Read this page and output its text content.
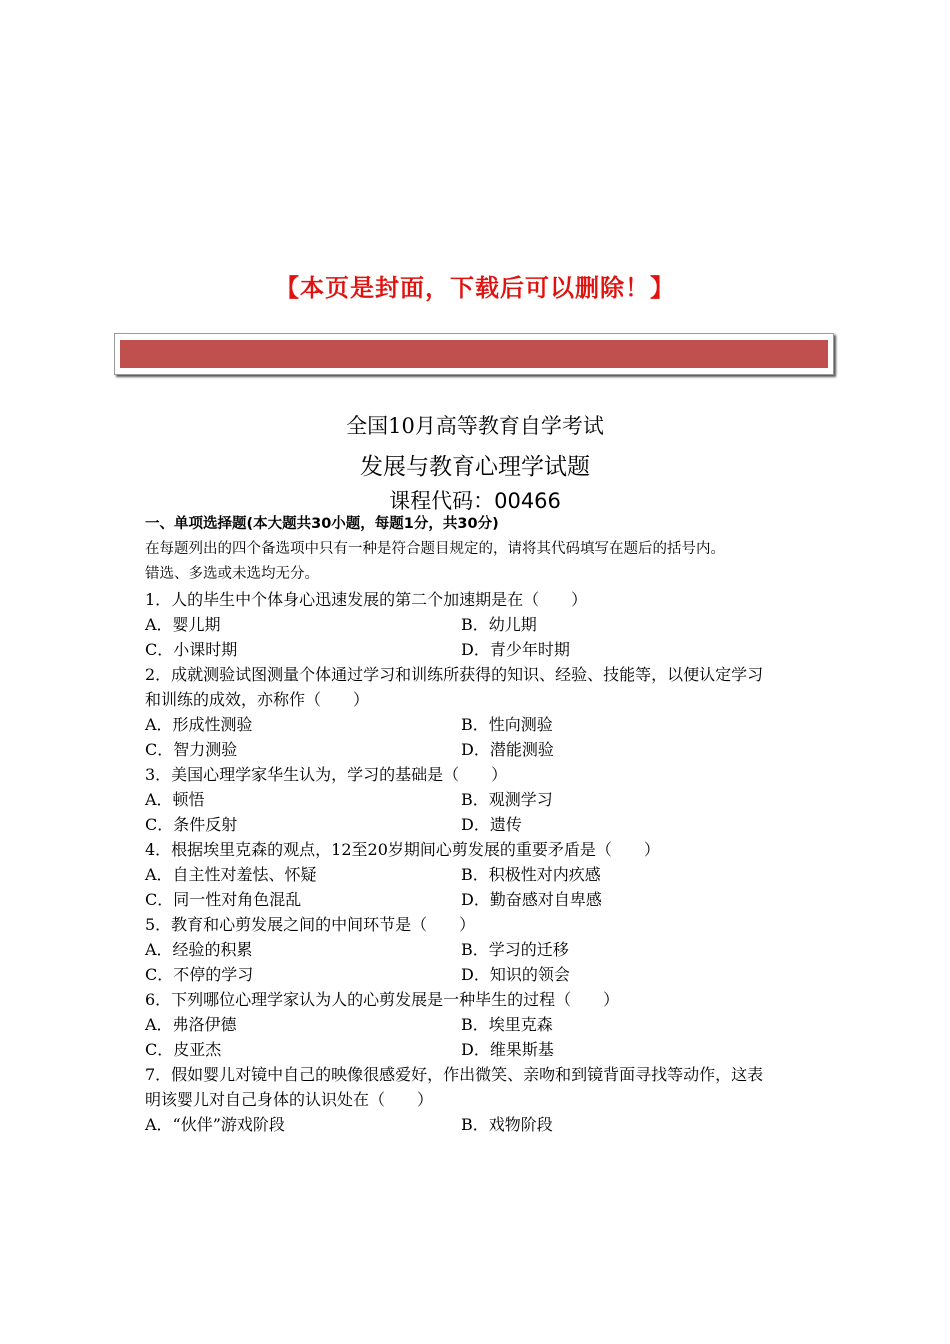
【本页是封面，下载后可以删除！】
全国10月高等教育自学考试
发展与教育心理学试题
课程代码：00466
一、单项选择题(本大题共30小题，每题1分，共30分)
在每题列出的四个备选项中只有一种是符合题目规定的，请将其代码填写在题后的括号内。
错选、多选或未选均无分。
1．人的毕生中个体身心迅速发展的第二个加速期是在（　　）
A．婴儿期	B．幼儿期
C．小课时期	D．青少年时期
2．成就测验试图测量个体通过学习和训练所获得的知识、经验、技能等，以便认定学习
和训练的成效，亦称作（　　）
A．形成性测验	B．性向测验
C．智力测验	D．潜能测验
3．美国心理学家华生认为，学习的基础是（　　）
A．顿悟	B．观测学习
C．条件反射	D．遗传
4．根据埃里克森的观点，12至20岁期间心剪发展的重要矛盾是（　　）
A．自主性对羞怯、怀疑	B．积极性对内疚感
C．同一性对角色混乱	D．勤奋感对自卑感
5．教育和心剪发展之间的中间环节是（　　）
A．经验的积累	B．学习的迁移
C．不停的学习	D．知识的领会
6．下列哪位心理学家认为人的心剪发展是一种毕生的过程（　　）
A．弗洛伊德	B．埃里克森
C．皮亚杰	D．维果斯基
7．假如婴儿对镜中自己的映像很感爱好，作出微笑、亲吻和到镜背面寻找等动作，这表
明该婴儿对自己身体的认识处在（　　）
A．“伙伴”游戏阶段	B．戏物阶段
